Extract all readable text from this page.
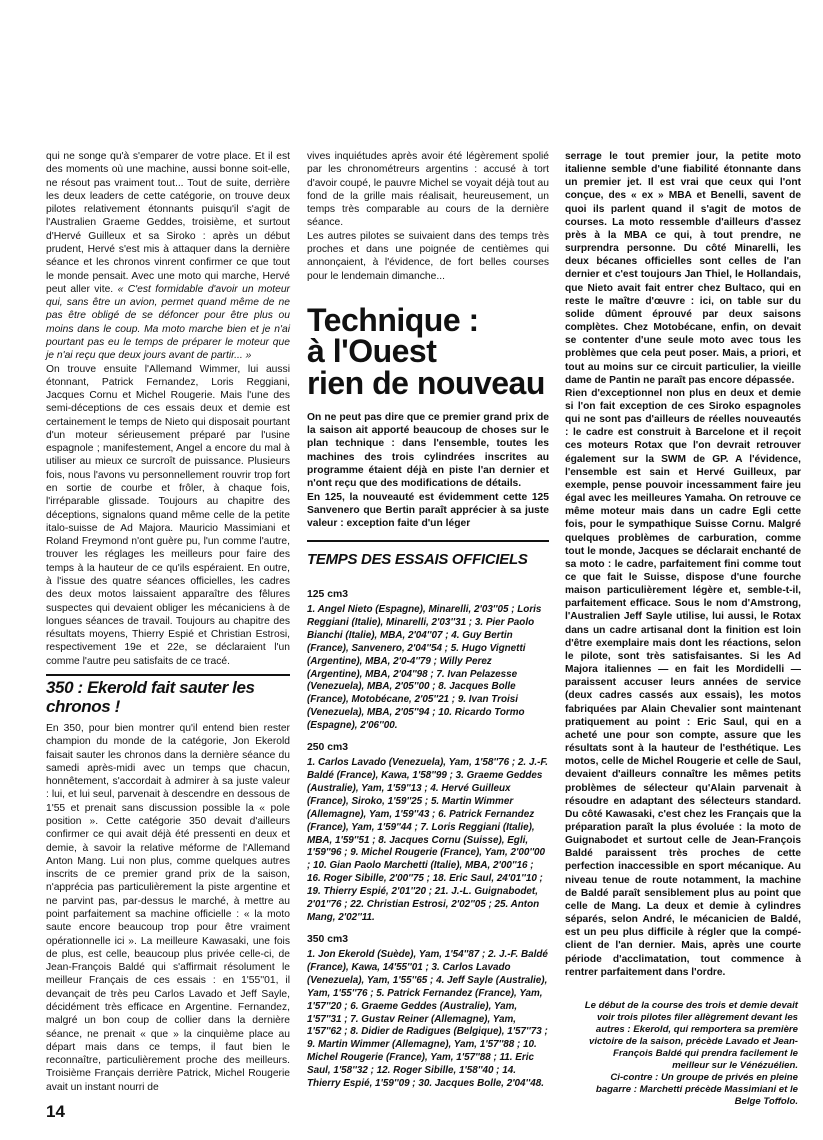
qui ne songe qu'à s'emparer de votre place. Et il est des moments où une machine, aussi bonne soit-elle, ne résout pas vraiment tout... Tout de suite, derrière les deux leaders de cette catégorie, on trouve deux pilotes relativement étonnants puisqu'il s'agit de l'Australien Graeme Geddes, troisième, et surtout d'Hervé Guilleux et sa Siroko : après un début prudent, Hervé s'est mis à attaquer dans la dernière séance et les chronos vinrent confirmer ce que tout le monde pensait. Avec une moto qui marche, Hervé peut aller vite. « C'est formidable d'avoir un moteur qui, sans être un avion, permet quand même de ne pas être obligé de se défoncer pour être plus ou moins dans le coup. Ma moto marche bien et je n'ai pourtant pas eu le temps de préparer le moteur que je n'ai reçu que deux jours avant de partir... »

On trouve ensuite l'Allemand Wimmer, lui aussi étonnant, Patrick Fernandez, Loris Reggiani, Jacques Cornu et Michel Rougerie. Mais l'une des semi-déceptions de ces essais deux et demie est certainement le temps de Nieto qui disposait pourtant d'un moteur sérieusement préparé par l'usine espagnole ; manifestement, Angel a encore du mal à utiliser au mieux ce surcroît de puissance. Plusieurs fois, nous l'avons vu personnellement rouvrir trop fort en sortie de courbe et frôler, à chaque fois, l'irréparable glissade. Toujours au chapitre des déceptions, signalons quand même celle de la petite italo-suisse de Ad Majora. Mauricio Massimiani et Roland Freymond n'ont guère pu, l'un comme l'autre, trouver les réglages les meilleurs pour faire des temps à la hauteur de ce qu'ils espéraient. En outre, à l'issue des quatre séances officielles, les cadres des deux motos laissaient apparaître des fêlures suspectes qui devaient obliger les mécaniciens à de longues séances de travail. Toujours au chapitre des résultats moyens, Thierry Espié et Christian Estrosi, respectivement 19e et 22e, se déclaraient l'un comme l'autre peu satisfaits de ce tracé.

350 : Ekerold fait sauter les chronos !

En 350, pour bien montrer qu'il entend bien rester champion du monde de la catégorie, Jon Ekerold faisait sauter les chronos dans la dernière séance du samedi après-midi avec un temps que chacun, honnêtement, s'accordait à admirer à sa juste valeur : lui, et lui seul, parvenait à descendre en dessous de 1'55 et prenait sans discussion possible la « pole position ». Cette catégorie 350 devait d'ailleurs confirmer ce qui avait déjà été pressenti en deux et demie, à savoir la relative méforme de l'Allemand Anton Mang. Lui non plus, comme quelques autres inscrits de ce premier grand prix de la saison, n'apprécia pas particulièrement la piste argentine et ne parvint pas, par-dessus le marché, à mettre au point parfaitement sa machine officielle : « la moto saute encore beaucoup trop pour être vraiment opérationnelle ici ». La meilleure Kawasaki, une fois de plus, est celle, beaucoup plus privée celle-ci, de Jean-François Baldé qui s'affirmait résolument le meilleur Français de ces essais : en 1'55''01, il devançait de très peu Carlos Lavado et Jeff Sayle, décidément très efficace en Argentine. Fernandez, malgré un bon coup de collier dans la dernière séance, ne prenait « que » la cinquième place au départ mais dans ce temps, il faut bien le reconnaître, particulièrement proche des meilleurs. Troisième Français derrière Patrick, Michel Rougerie avait un instant nourri de

vives inquiétudes après avoir été légèrement spolié par les chronométreurs argentins : accusé à tort d'avoir coupé, le pauvre Michel se voyait déjà tout au fond de la grille mais réalisait, heureusement, un temps très comparable au cours de la dernière séance.

Les autres pilotes se suivaient dans des temps très proches et dans une poignée de centièmes qui annonçaient, à l'évidence, de fort belles courses pour le lendemain dimanche...

Technique :
à l'Ouest
rien de nouveau

On ne peut pas dire que ce premier grand prix de la saison ait apporté beaucoup de choses sur le plan technique : dans l'ensemble, toutes les machines des trois cylindrées inscrites au programme étaient déjà en piste l'an dernier et n'ont reçu que des modifications de détails.

En 125, la nouveauté est évidemment cette 125 Sanvenero que Bertin paraît apprécier à sa juste valeur : exception faite d'un léger

TEMPS DES ESSAIS OFFICIELS
125 cm3

1. Angel Nieto (Espagne), Minarelli, 2'03''05 ; Loris Reggiani (Italie), Minarelli, 2'03''31 ; 3. Pier Paolo Bianchi (Italie), MBA, 2'04''07 ; 4. Guy Bertin (France), Sanvenero, 2'04''54 ; 5. Hugo Vignetti (Argentine), MBA, 2'0-4''79 ; Willy Perez (Argentine), MBA, 2'04''98 ; 7. Ivan Pelazesse (Venezuela), MBA, 2'05''00 ; 8. Jacques Bolle (France), Motobécane, 2'05''21 ; 9. Ivan Troisi (Venezuela), MBA, 2'05''94 ; 10. Ricardo Tormo (Espagne), 2'06''00.

250 cm3

1. Carlos Lavado (Venezuela), Yam, 1'58''76 ; 2. J.-F. Baldé (France), Kawa, 1'58''99 ; 3. Graeme Geddes (Australie), Yam, 1'59''13 ; 4. Hervé Guilleux (France), Siroko, 1'59''25 ; 5. Martin Wimmer (Allemagne), Yam, 1'59''43 ; 6. Patrick Fernandez (France), Yam, 1'59''44 ; 7. Loris Reggiani (Italie), MBA, 1'59''51 ; 8. Jacques Cornu (Suisse), Egli, 1'59''96 ; 9. Michel Rougerie (France), Yam, 2'00''00 ; 10. Gian Paolo Marchetti (Italie), MBA, 2'00''16 ; 16. Roger Sibille, 2'00''75 ; 18. Eric Saul, 24'01''10 ; 19. Thierry Espié, 2'01''20 ; 21. J.-L. Guignabodet, 2'01''76 ; 22. Christian Estrosi, 2'02''05 ; 25. Anton Mang, 2'02''11.

350 cm3

1. Jon Ekerold (Suède), Yam, 1'54''87 ; 2. J.-F. Baldé (France), Kawa, 14'55''01 ; 3. Carlos Lavado (Venezuela), Yam, 1'55''65 ; 4. Jeff Sayle (Australie), Yam, 1'55''76 ; 5. Patrick Fernandez (France), Yam, 1'57''20 ; 6. Graeme Geddes (Australie), Yam, 1'57''31 ; 7. Gustav Reiner (Allemagne), Yam, 1'57''62 ; 8. Didier de Radigues (Belgique), 1'57''73 ; 9. Martin Wimmer (Allemagne), Yam, 1'57''88 ; 10. Michel Rougerie (France), Yam, 1'57''88 ; 11. Eric Saul, 1'58''32 ; 12. Roger Sibille, 1'58''40 ; 14. Thierry Espié, 1'59''09 ; 30. Jacques Bolle, 2'04''48.

serrage le tout premier jour, la petite moto italienne semble d'une fiabilité étonnante dans un premier jet. Il est vrai que ceux qui l'ont conçue, des « ex » MBA et Benelli, savent de quoi ils parlent quand il s'agit de motos de courses. La moto ressemble d'ailleurs d'assez près à la MBA ce qui, à tout prendre, ne surprendra personne. Du côté Minarelli, les deux bécanes officielles sont celles de l'an dernier et c'est toujours Jan Thiel, le Hollandais, que Nieto avait fait entrer chez Bultaco, qui en reste le maître d'œuvre : ici, on table sur du solide dûment éprouvé par deux saisons complètes. Chez Motobécane, enfin, on devait se contenter d'une seule moto avec tous les problèmes que cela peut poser. Mais, a priori, et tout au moins sur ce circuit particulier, la vieille dame de Pantin ne paraît pas encore dépassée.

Rien d'exceptionnel non plus en deux et demie si l'on fait exception de ces Siroko espagnoles qui ne sont pas d'ailleurs de réelles nouveautés : le cadre est construit à Barcelone et il reçoit ces moteurs Rotax que l'on devrait retrouver également sur la SWM de GP. A l'évidence, l'ensemble est sain et Hervé Guilleux, par exemple, pense pouvoir incessamment faire jeu égal avec les meilleures Yamaha. On retrouve ce même moteur mais dans un cadre Egli cette fois, pour le sympathique Suisse Cornu. Malgré quelques problèmes de carburation, comme tout le monde, Jacques se déclarait enchanté de sa moto : le cadre, parfaitement fini comme tout ce que fait le Suisse, dispose d'une fourche maison particulièrement légère et, semble-t-il, parfaitement efficace. Sous le nom d'Amstrong, l'Australien Jeff Sayle utilise, lui aussi, le Rotax dans un cadre artisanal dont la finition est loin d'être exemplaire mais dont les réactions, selon le pilote, sont très satisfaisantes. Si les Ad Majora italiennes — en fait les Mordidelli — paraissent accuser leurs années de service (deux cadres cassés aux essais), les motos fabriquées par Alain Chevalier sont maintenant pratiquement au point : Eric Saul, qui en a acheté une pour son compte, assure que les résultats sont à la hauteur de l'esthétique. Les motos, celle de Michel Rougerie et celle de Saul, devaient d'ailleurs connaître les mêmes petits problèmes de sélecteur qu'Alain parvenait à résoudre en adaptant des sélecteurs standard. Du côté Kawasaki, c'est chez les Français que la préparation paraît la plus évoluée : la moto de Guignabodet et surtout celle de Jean-François Baldé paraissent très proches de cette perfection inaccessible en sport mécanique. Au niveau tenue de route notamment, la machine de Baldé paraît sensiblement plus au point que celle de Mang. La deux et demie à cylindres séparés, selon André, le mécanicien de Baldé, est un peu plus difficile à régler que la compé-client de l'an dernier. Mais, après une courte période d'acclimatation, tout commence à rentrer parfaitement dans l'ordre.

Le début de la course des trois et demie devait voir trois pilotes filer allègrement devant les autres : Ekerold, qui remportera sa première victoire de la saison, précède Lavado et Jean-François Baldé qui prendra facilement le meilleur sur le Vénézuélien.

Ci-contre : Un groupe de privés en pleine bagarre : Marchetti précède Massimiani et le Belge Toffolo.

14
